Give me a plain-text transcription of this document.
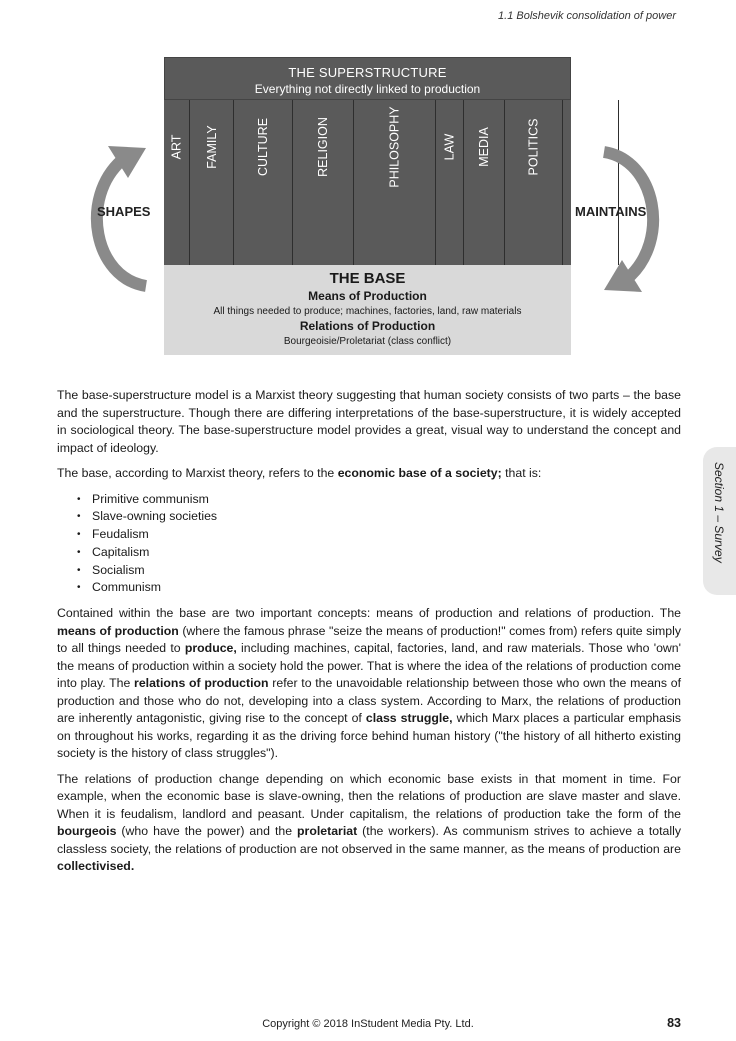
1.1 Bolshevik consolidation of power
THE SUPERSTRUCTURE
Everything not directly linked to production
ART FAMILY	CULTURE	RELIGION	PHILOSOPHY	LAW MEDIA	POLITICS	SCIENCE	EDUCATION
THE BASE
Means of Production
All things needed to produce; machines, factories, land, raw materials
Relations of Production
Bourgeoisie/Proletariat (class conflict)
SHAPES	MAINTAINS

The base-superstructure model is a Marxist theory suggesting that human society consists of two parts – the base and the superstructure. Though there are differing interpretations of the base-superstructure, it is widely accepted in sociological theory. The base-superstructure model provides a great, visual way to understand the concept and impact of ideology.

The base, according to Marxist theory, refers to the economic base of a society; that is:

• Primitive communism
• Slave-owning societies
• Feudalism
• Capitalism
• Socialism
• Communism

Contained within the base are two important concepts: means of production and relations of production. The means of production (where the famous phrase "seize the means of production!" comes from) refers quite simply to all things needed to produce, including machines, capital, factories, land, and raw materials. Those who 'own' the means of production within a society hold the power. That is where the idea of the relations of production come into play. The relations of production refer to the unavoidable relationship between those who own the means of production and those who do not, developing into a class system. According to Marx, the relations of production are inherently antagonistic, giving rise to the concept of class struggle, which Marx places a particular emphasis on throughout his works, regarding it as the driving force behind human history ("the history of all hitherto existing society is the history of class struggles").

The relations of production change depending on which economic base exists in that moment in time. For example, when the economic base is slave-owning, then the relations of production are slave master and slave. When it is feudalism, landlord and peasant. Under capitalism, the relations of production take the form of the bourgeois (who have the power) and the proletariat (the workers). As communism strives to achieve a totally classless society, the relations of production are not observed in the same manner, as the means of production are collectivised.

Section 1 – Survey
Copyright © 2018 InStudent Media Pty. Ltd.	83
